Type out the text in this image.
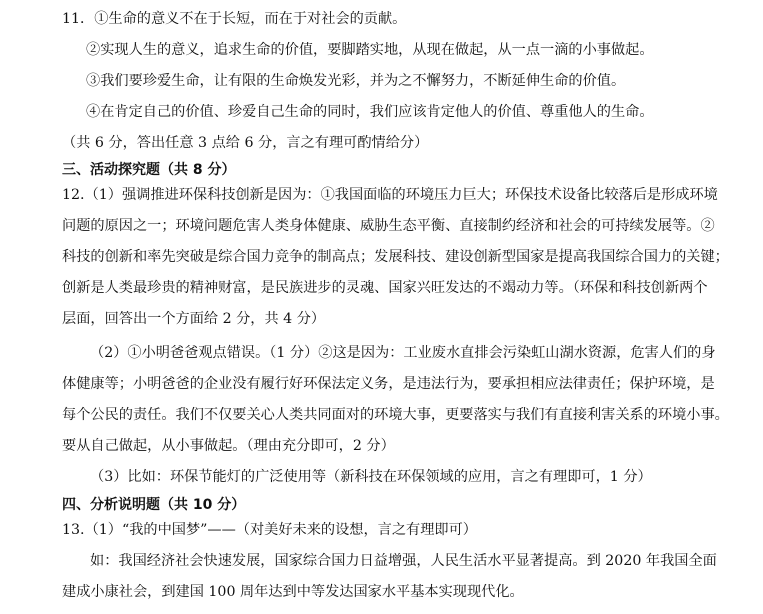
11．①生命的意义不在于长短，而在于对社会的贡献。
②实现人生的意义，追求生命的价值，要脚踏实地，从现在做起，从一点一滴的小事做起。
③我们要珍爱生命，让有限的生命焕发光彩，并为之不懈努力，不断延伸生命的价值。
④在肯定自己的价值、珍爱自己生命的同时，我们应该肯定他人的价值、尊重他人的生命。
（共 6 分，答出任意 3 点给 6 分，言之有理可酌情给分）
三、活动探究题（共 8 分）
12.（1）强调推进环保科技创新是因为：①我国面临的环境压力巨大；环保技术设备比较落后是形成环境
问题的原因之一；环境问题危害人类身体健康、威胁生态平衡、直接制约经济和社会的可持续发展等。②
科技的创新和率先突破是综合国力竞争的制高点；发展科技、建设创新型国家是提高我国综合国力的关键；
创新是人类最珍贵的精神财富，是民族进步的灵魂、国家兴旺发达的不竭动力等。（环保和科技创新两个
层面，回答出一个方面给 2 分，共 4 分）
（2）①小明爸爸观点错误。（1 分）②这是因为：工业废水直排会污染虹山湖水资源，危害人们的身
体健康等；小明爸爸的企业没有履行好环保法定义务，是违法行为，要承担相应法律责任；保护环境，是
每个公民的责任。我们不仅要关心人类共同面对的环境大事，更要落实与我们有直接利害关系的环境小事。
要从自己做起，从小事做起。（理由充分即可，2 分）
（3）比如：环保节能灯的广泛使用等（新科技在环保领域的应用，言之有理即可，1 分）
四、分析说明题（共 10 分）
13.（1）“我的中国梦”——（对美好未来的设想，言之有理即可）
如：我国经济社会快速发展，国家综合国力日益增强，人民生活水平显著提高。到 2020 年我国全面
建成小康社会，到建国 100 周年达到中等发达国家水平基本实现现代化。
